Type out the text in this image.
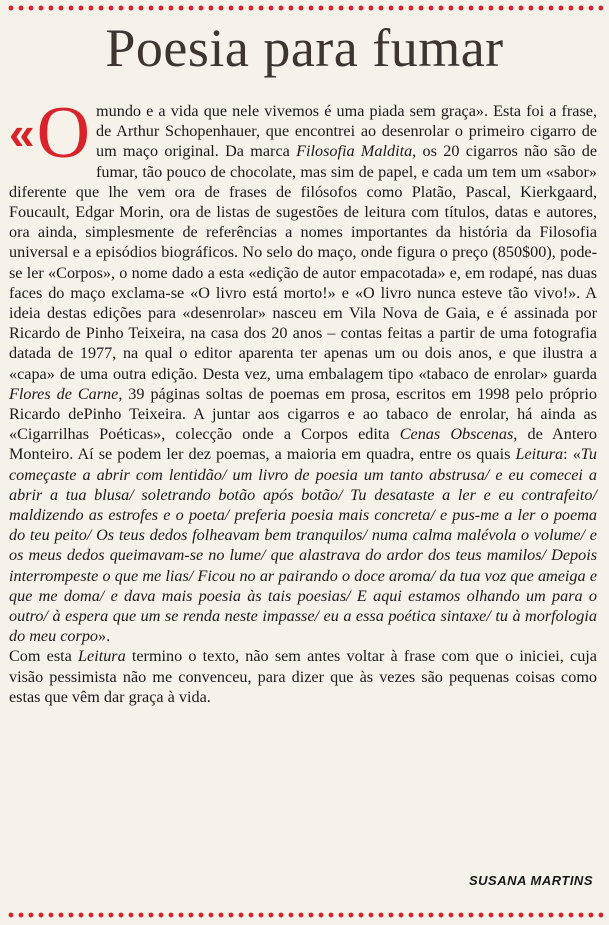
Poesia para fumar

« O mundo e a vida que nele vivemos é uma piada sem graça». Esta foi a frase, de Arthur Schopenhauer, que encontrei ao desenrolar o primeiro cigarro de um maço original. Da marca Filosofia Maldita, os 20 cigarros não são de fumar, tão pouco de chocolate, mas sim de papel, e cada um tem um «sabor» diferente que lhe vem ora de frases de filósofos como Platão, Pascal, Kierkgaard, Foucault, Edgar Morin, ora de listas de sugestões de leitura com títulos, datas e autores, ora ainda, simplesmente de referências a nomes importantes da história da Filosofia universal e a episódios biográficos. No selo do maço, onde figura o preço (850$00), pode-se ler «Corpos», o nome dado a esta «edição de autor empacotada» e, em rodapé, nas duas faces do maço exclama-se «O livro está morto!» e «O livro nunca esteve tão vivo!». A ideia destas edições para «desenrolar» nasceu em Vila Nova de Gaia, e é assinada por Ricardo de Pinho Teixeira, na casa dos 20 anos – contas feitas a partir de uma fotografia datada de 1977, na qual o editor aparenta ter apenas um ou dois anos, e que ilustra a «capa» de uma outra edição. Desta vez, uma embalagem tipo «tabaco de enrolar» guarda Flores de Carne, 39 páginas soltas de poemas em prosa, escritos em 1998 pelo próprio Ricardo dePinho Teixeira. A juntar aos cigarros e ao tabaco de enrolar, há ainda as «Cigarrilhas Poéticas», colecção onde a Corpos edita Cenas Obscenas, de Antero Monteiro. Aí se podem ler dez poemas, a maioria em quadra, entre os quais Leitura: «Tu começaste a abrir com lentidão/ um livro de poesia um tanto abstrusa/ e eu comecei a abrir a tua blusa/ soletrando botão após botão/ Tu desataste a ler e eu contrafeito/ maldizendo as estrofes e o poeta/ preferia poesia mais concreta/ e pus-me a ler o poema do teu peito/ Os teus dedos folheavam bem tranquilos/ numa calma malévola o volume/ e os meus dedos queimavam-se no lume/ que alastrava do ardor dos teus mamilos/ Depois interrompeste o que me lias/ Ficou no ar pairando o doce aroma/ da tua voz que ameiga e que me doma/ e dava mais poesia às tais poesias/ E aqui estamos olhando um para o outro/ à espera que um se renda neste impasse/ eu a essa poética sintaxe/ tu à morfologia do meu corpo».

Com esta Leitura termino o texto, não sem antes voltar à frase com que o iniciei, cuja visão pessimista não me convenceu, para dizer que às vezes são pequenas coisas como estas que vêm dar graça à vida.

SUSANA MARTINS
